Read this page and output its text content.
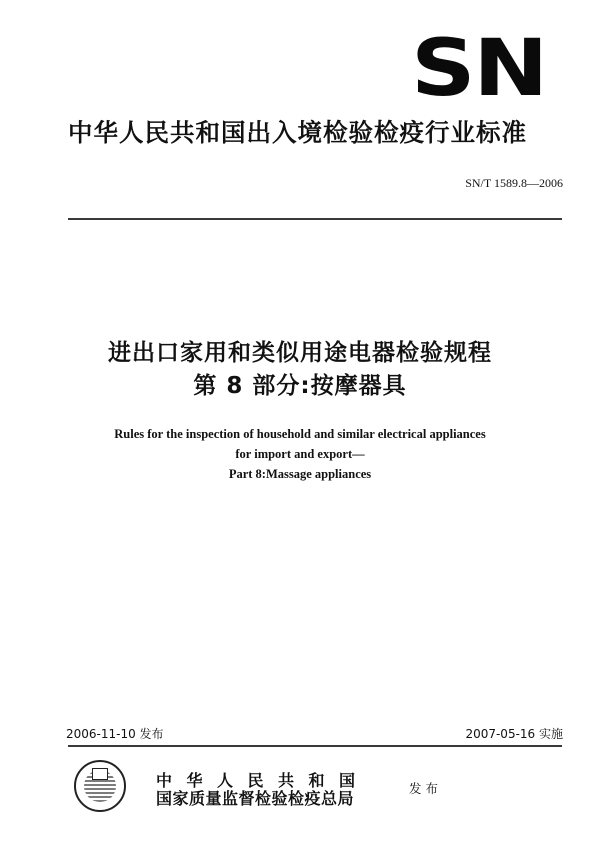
SN
中华人民共和国出入境检验检疫行业标准
SN/T 1589.8—2006
进出口家用和类似用途电器检验规程
第 8 部分:按摩器具
Rules for the inspection of household and similar electrical appliances
for import and export—
Part 8:Massage appliances
2006-11-10 发布	2007-05-16 实施
中华人民共和国
国家质量监督检验检疫总局
发布
